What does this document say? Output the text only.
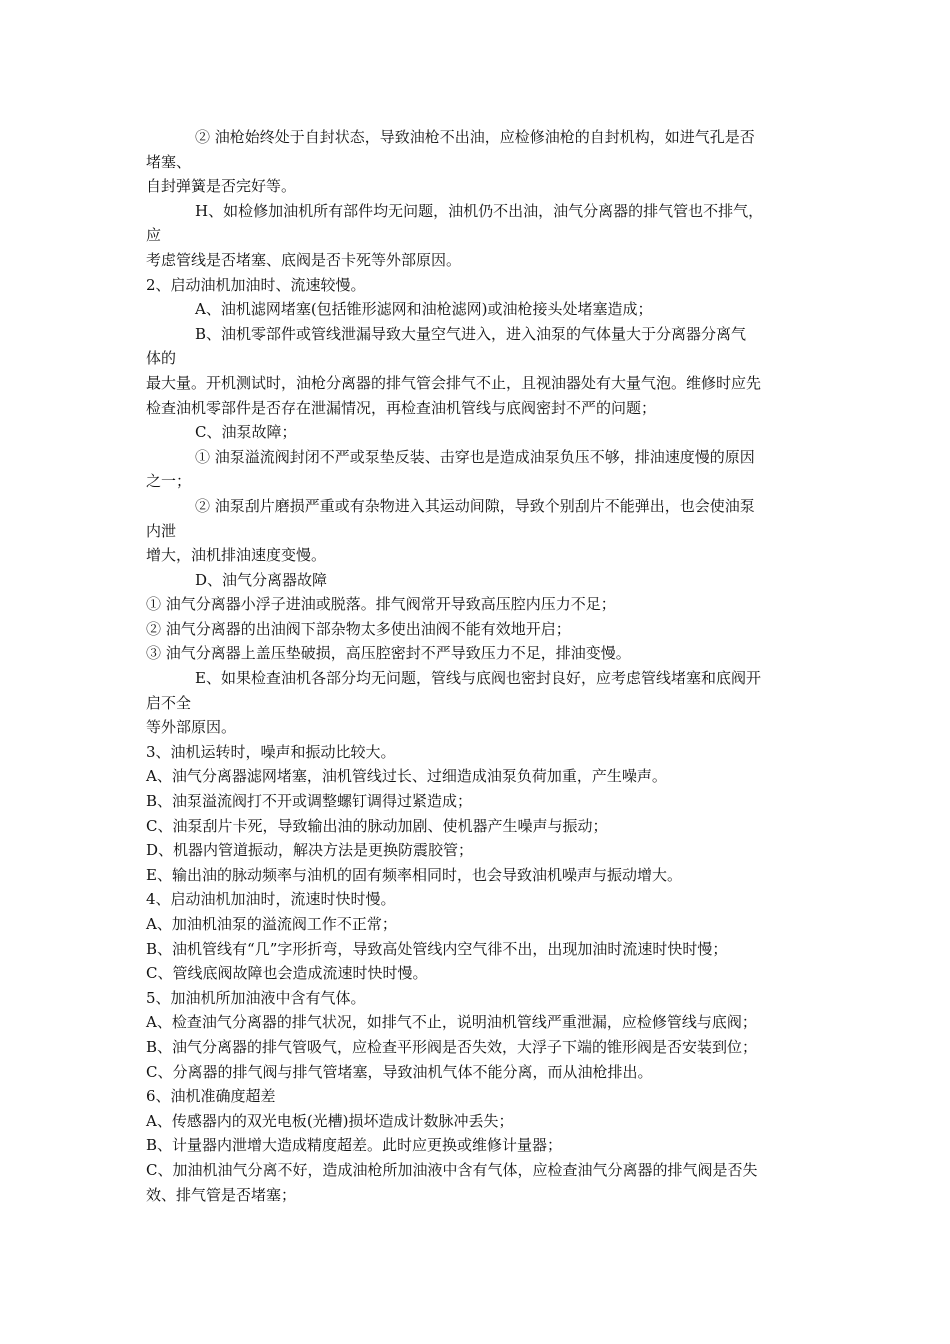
② 油枪始终处于自封状态，导致油枪不出油，应检修油枪的自封机构，如进气孔是否
堵塞、
自封弹簧是否完好等。
H、如检修加油机所有部件均无问题，油机仍不出油，油气分离器的排气管也不排气，
应
考虑管线是否堵塞、底阀是否卡死等外部原因。
2、启动油机加油时、流速较慢。
A、油机滤网堵塞(包括锥形滤网和油枪滤网)或油枪接头处堵塞造成；
B、油机零部件或管线泄漏导致大量空气进入，进入油泵的气体量大于分离器分离气
体的
最大量。开机测试时，油枪分离器的排气管会排气不止，且视油器处有大量气泡。维修时应先
检查油机零部件是否存在泄漏情况，再检查油机管线与底阀密封不严的问题；
C、油泵故障；
① 油泵溢流阀封闭不严或泵垫反装、击穿也是造成油泵负压不够，排油速度慢的原因
之一；
② 油泵刮片磨损严重或有杂物进入其运动间隙，导致个别刮片不能弹出，也会使油泵
内泄
增大，油机排油速度变慢。
D、油气分离器故障
① 油气分离器小浮子进油或脱落。排气阀常开导致高压腔内压力不足；
② 油气分离器的出油阀下部杂物太多使出油阀不能有效地开启；
③ 油气分离器上盖压垫破损，高压腔密封不严导致压力不足，排油变慢。
E、如果检查油机各部分均无问题，管线与底阀也密封良好，应考虑管线堵塞和底阀开
启不全
等外部原因。
3、油机运转时，噪声和振动比较大。
A、油气分离器滤网堵塞，油机管线过长、过细造成油泵负荷加重，产生噪声。
B、油泵溢流阀打不开或调整螺钉调得过紧造成；
C、油泵刮片卡死，导致输出油的脉动加剧、使机器产生噪声与振动；
D、机器内管道振动，解决方法是更换防震胶管；
E、输出油的脉动频率与油机的固有频率相同时，也会导致油机噪声与振动增大。
4、启动油机加油时，流速时快时慢。
A、加油机油泵的溢流阀工作不正常；
B、油机管线有“几”字形折弯，导致高处管线内空气徘不出，出现加油时流速时快时慢；
C、管线底阀故障也会造成流速时快时慢。
5、加油机所加油液中含有气体。
A、检查油气分离器的排气状况，如排气不止，说明油机管线严重泄漏，应检修管线与底阀；
B、油气分离器的排气管吸气，应检查平形阀是否失效，大浮子下端的锥形阀是否安装到位；
C、分离器的排气阀与排气管堵塞，导致油机气体不能分离，而从油枪排出。
6、油机准确度超差
A、传感器内的双光电板(光槽)损坏造成计数脉冲丢失；
B、计量器内泄增大造成精度超差。此时应更换或维修计量器；
C、加油机油气分离不好，造成油枪所加油液中含有气体，应检查油气分离器的排气阀是否失
效、排气管是否堵塞；
